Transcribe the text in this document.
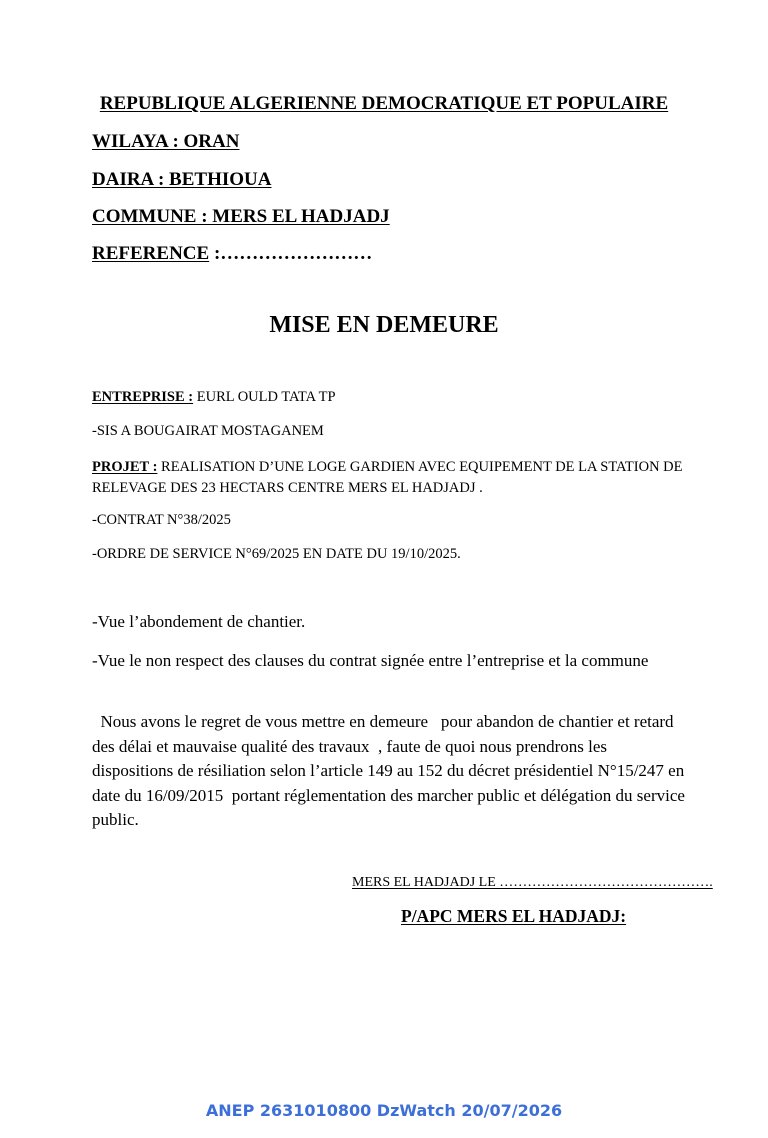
REPUBLIQUE ALGERIENNE DEMOCRATIQUE ET POPULAIRE
WILAYA : ORAN
DAIRA : BETHIOUA
COMMUNE : MERS EL HADJADJ
REFERENCE :……………………
MISE EN DEMEURE
ENTREPRISE : EURL OULD TATA TP
-SIS A BOUGAIRAT MOSTAGANEM
PROJET : REALISATION D’UNE LOGE GARDIEN AVEC EQUIPEMENT DE LA STATION DE RELEVAGE DES 23 HECTARS CENTRE MERS EL HADJADJ .
-CONTRAT N°38/2025
-ORDRE DE SERVICE N°69/2025 EN DATE DU 19/10/2025.
-Vue l’abondement de chantier.
-Vue le non respect des clauses du contrat signée entre l’entreprise et la commune
Nous avons le regret de vous mettre en demeure   pour abandon de chantier et retard des délai et mauvaise qualité des travaux  , faute de quoi nous prendrons les dispositions de résiliation selon l’article 149 au 152 du décret présidentiel N°15/247 en date du 16/09/2015  portant réglementation des marcher public et délégation du service public.
MERS EL HADJADJ LE ……………………………………….
P/APC MERS EL HADJADJ:
ANEP 2631010800 DzWatch 20/07/2026
